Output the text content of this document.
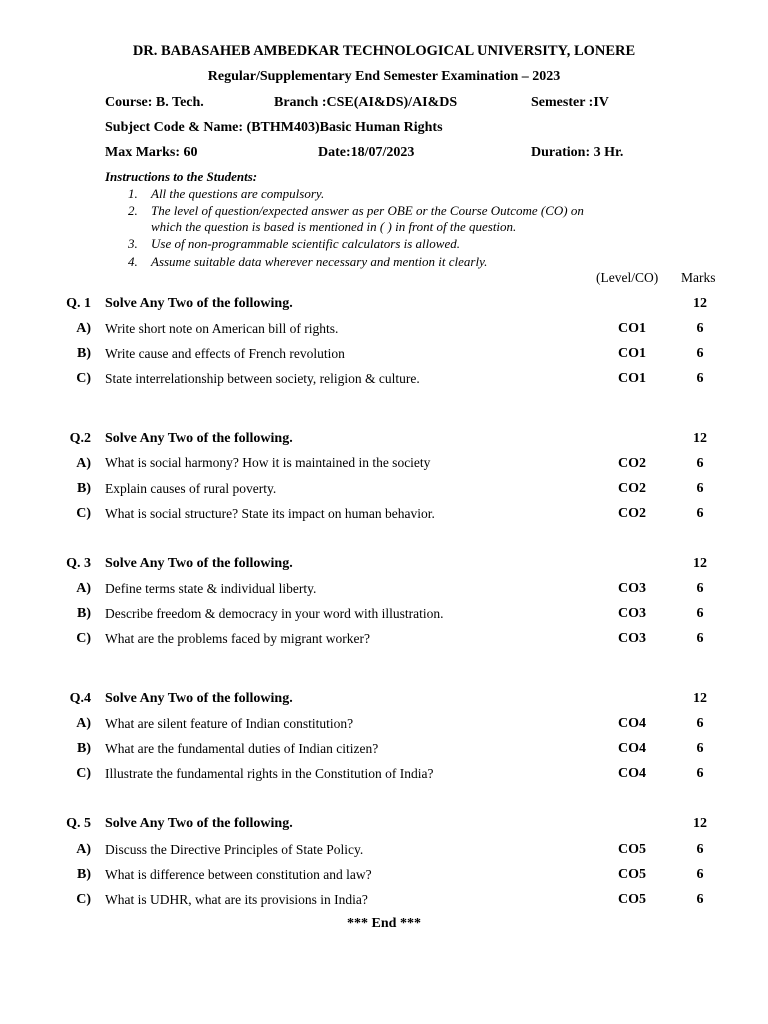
DR. BABASAHEB AMBEDKAR TECHNOLOGICAL UNIVERSITY, LONERE
Regular/Supplementary End Semester Examination – 2023
Course: B. Tech.	Branch :CSE(AI&DS)/AI&DS	Semester :IV
Subject Code & Name: (BTHM403)Basic Human Rights
Max Marks: 60	Date:18/07/2023	Duration: 3 Hr.
Instructions to the Students:
1. All the questions are compulsory.
2. The level of question/expected answer as per OBE or the Course Outcome (CO) on
which the question is based is mentioned in ( ) in front of the question.
3. Use of non-programmable scientific calculators is allowed.
4. Assume suitable data wherever necessary and mention it clearly.
(Level/CO) Marks
Q. 1 Solve Any Two of the following.	12
A) Write short note on American bill of rights.	CO1	6
B) Write cause and effects of French revolution	CO1	6
C) State interrelationship between society, religion & culture.	CO1	6
Q.2 Solve Any Two of the following.	12
A) What is social harmony? How it is maintained in the society	CO2	6
B) Explain causes of rural poverty.	CO2	6
C) What is social structure? State its impact on human behavior.	CO2	6
Q. 3 Solve Any Two of the following.	12
A) Define terms state & individual liberty.	CO3	6
B) Describe freedom & democracy in your word with illustration.	CO3	6
C) What are the problems faced by migrant worker?	CO3	6
Q.4 Solve Any Two of the following.	12
A) What are silent feature of Indian constitution?	CO4	6
B) What are the fundamental duties of Indian citizen?	CO4	6
C) Illustrate the fundamental rights in the Constitution of India?	CO4	6
Q. 5 Solve Any Two of the following.	12
A) Discuss the Directive Principles of State Policy.	CO5	6
B) What is difference between constitution and law?	CO5	6
C) What is UDHR, what are its provisions in India?	CO5	6
*** End ***
